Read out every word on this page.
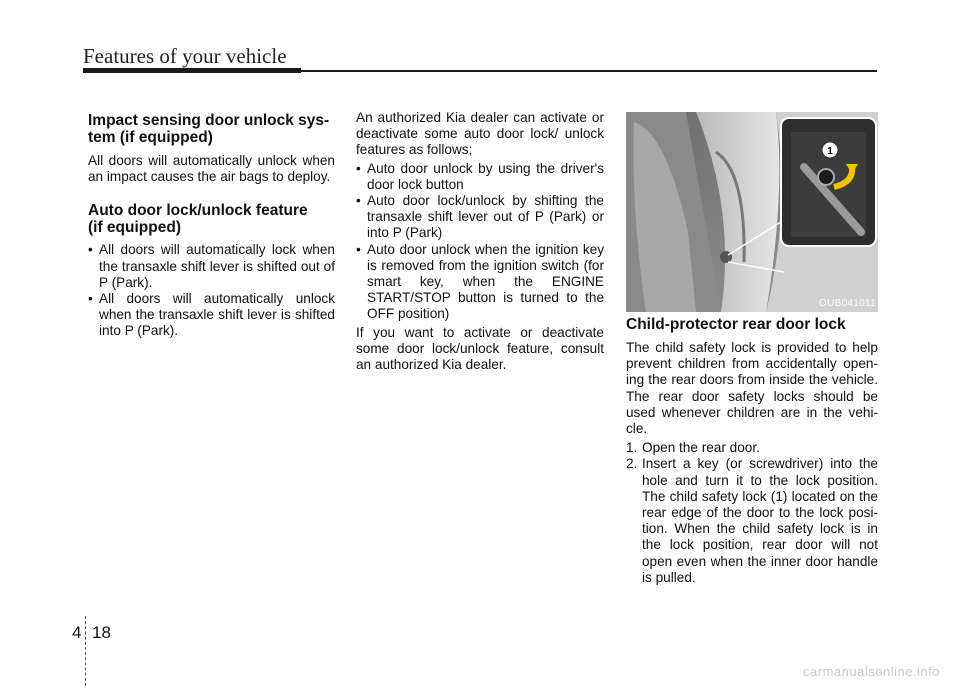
Features of your vehicle
Impact sensing door unlock sys-
tem (if equipped)

All doors will automatically unlock when an impact causes the air bags to deploy.

Auto door lock/unlock feature
(if equipped)
• All doors will automatically lock when the transaxle shift lever is shifted out of P (Park).
• All doors will automatically unlock when the transaxle shift lever is shifted into P (Park).

An authorized Kia dealer can activate or deactivate some auto door lock/ unlock features as follows;

• Auto door unlock by using the driver's door lock button
• Auto door lock/unlock by shifting the transaxle shift lever out of P (Park) or into P (Park)
• Auto door unlock when the ignition key is removed from the ignition switch (for smart key, when the ENGINE START/STOP button is turned to the OFF position)

If you want to activate or deactivate some door lock/unlock feature, consult an authorized Kia dealer.

1
OUB041011
Child-protector rear door lock

The child safety lock is provided to help prevent children from accidentally open-ing the rear doors from inside the vehicle. The rear door safety locks should be used whenever children are in the vehi-cle.

1. Open the rear door.
2. Insert a key (or screwdriver) into the hole and turn it to the lock position. The child safety lock (1) located on the rear edge of the door to the lock posi-tion. When the child safety lock is in the lock position, rear door will not open even when the inner door handle is pulled.
4 18
carmanualsonline.info
